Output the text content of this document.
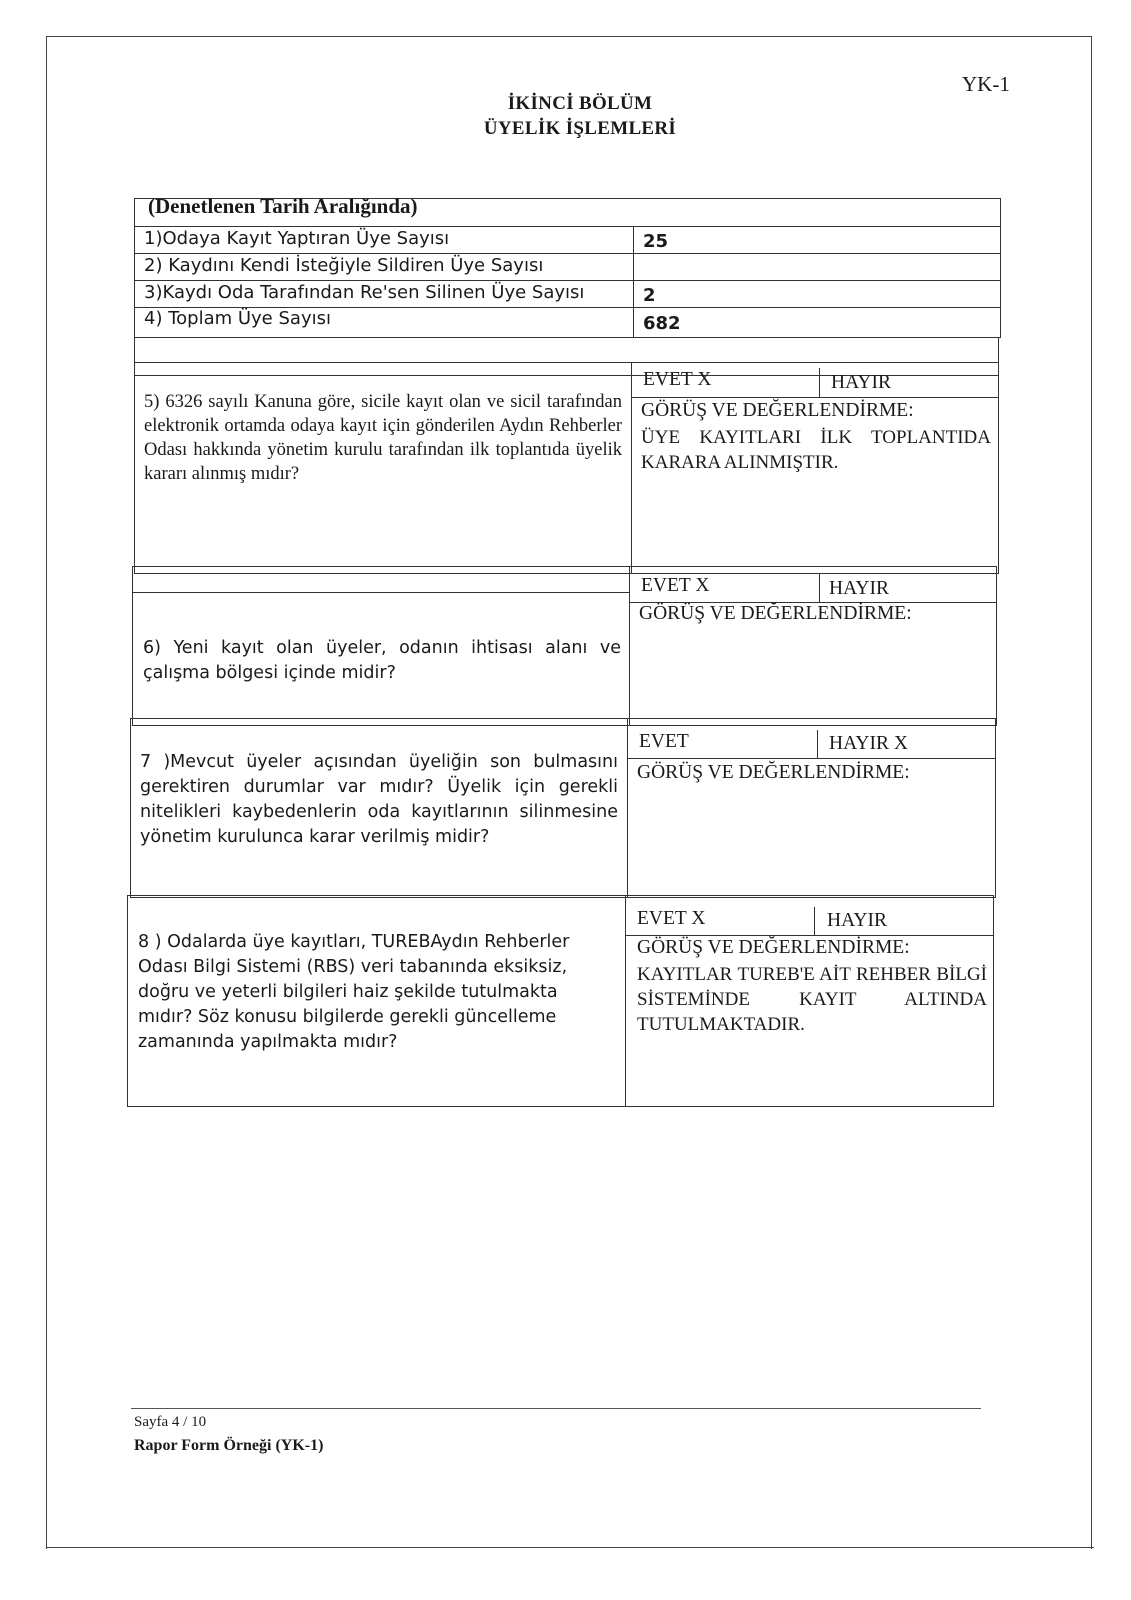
YK-1
İKİNCİ BÖLÜM
ÜYELİK İŞLEMLERİ
(Denetlenen Tarih Aralığında)
1)Odaya Kayıt Yaptıran Üye Sayısı	25
2) Kaydını Kendi İsteğiyle Sildiren Üye Sayısı
3)Kaydı Oda Tarafından Re'sen Silinen Üye Sayısı	2
4) Toplam Üye Sayısı	682
5) 6326 sayılı Kanuna göre, sicile kayıt olan ve sicil tarafından elektronik ortamda odaya kayıt için gönderilen Aydın Rehberler Odası hakkında yönetim kurulu tarafından ilk toplantıda üyelik kararı alınmış mıdır?
EVET X	HAYIR
GÖRÜŞ VE DEĞERLENDİRME:
ÜYE KAYITLARI İLK TOPLANTIDA KARARA ALINMIŞTIR.
6) Yeni kayıt olan üyeler, odanın ihtisası alanı ve çalışma bölgesi içinde midir?
EVET X	HAYIR
GÖRÜŞ VE DEĞERLENDİRME:
7 )Mevcut üyeler açısından üyeliğin son bulmasını gerektiren durumlar var mıdır? Üyelik için gerekli nitelikleri kaybedenlerin oda kayıtlarının silinmesine yönetim kurulunca karar verilmiş midir?
EVET	HAYIR X
GÖRÜŞ VE DEĞERLENDİRME:
8 ) Odalarda üye kayıtları, TUREBAydın Rehberler Odası Bilgi Sistemi (RBS) veri tabanında eksiksiz, doğru ve yeterli bilgileri haiz şekilde tutulmakta mıdır? Söz konusu bilgilerde gerekli güncelleme zamanında yapılmakta mıdır?
EVET X	HAYIR
GÖRÜŞ VE DEĞERLENDİRME:
KAYITLAR TUREB'E AİT REHBER BİLGİ SİSTEMİNDE KAYIT ALTINDA TUTULMAKTADIR.
Sayfa 4 / 10
Rapor Form Örneği (YK-1)
